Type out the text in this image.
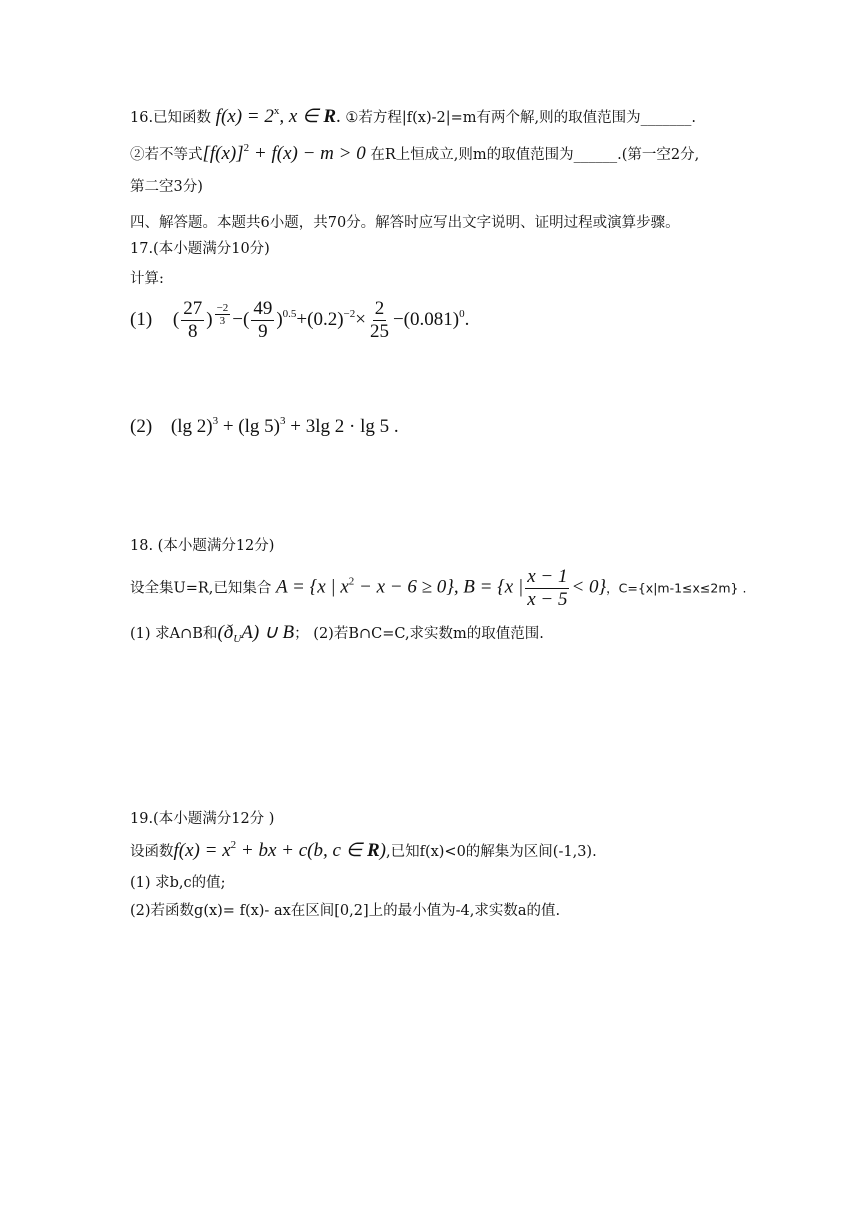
16.已知函数 $f(x) = 2^x$, x ∈ R. ①若方程|f(x)-2|=m有两个解,则的取值范围为_______.
②若不等式$[f(x)]^2 + f(x) - m > 0$ 在R上恒成立,则m的取值范围为______.(第一空2分,
第二空3分)
四、解答题。本题共6小题，共70分。解答时应写出文字说明、证明过程或演算步骤。
17.(本小题满分10分)
计算:
(1) ( $\frac{27}{8}$ ) $\frac{-2}{3}$ −( $\frac{49}{9} )^{0.5}+(0.2)^{-2}\times \frac{2}{25} -(0.081)^0$.
(2) (lg 2)$^3$ + (lg 5)$^3$ + 3lg 2 · lg 5 .
18. (本小题满分12分)
设全集U=R,已知集合 A = {x | $x^2 - x - 6 \ge 0$}, B = {x | $\frac{x - 1}{x - 5} < 0$}，C={x|m-1≤x≤2m} .
(1) 求A∩B和$(ð_UA)$ ∪ B； (2)若B∩C=C,求实数m的取值范围.
19.(本小题满分12分 )
设函数$f(x) = x^2$ + bx + c(b, c ∈ R),已知f(x)<0的解集为区间(-1,3).
(1) 求b,c的值;
(2)若函数g(x)= f(x)- ax在区间[0,2]上的最小值为-4,求实数a的值.
